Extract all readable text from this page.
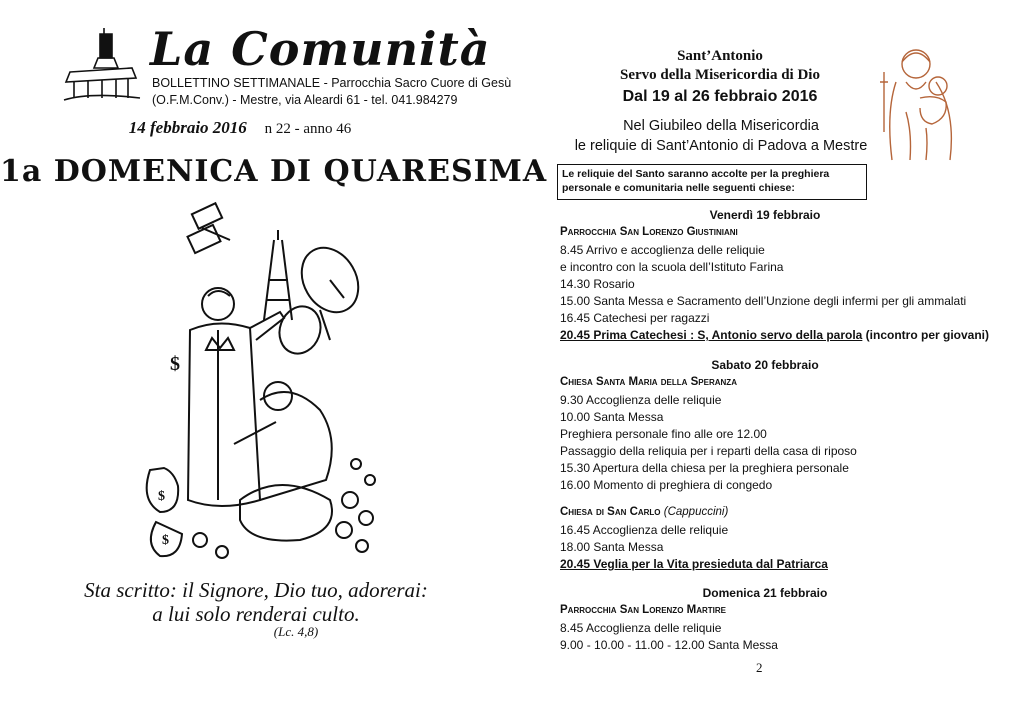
La Comunità
BOLLETTINO SETTIMANALE - Parrocchia Sacro Cuore di Gesù
(O.F.M.Conv.) - Mestre, via Aleardi 61 - tel. 041.984279
14 febbraio 2016 n 22 - anno 46
1a DOMENICA DI QUARESIMA
$
$
$
Sta scritto: il Signore, Dio tuo, adorerai:
a lui solo renderai culto.
(Lc. 4,8)
Sant’Antonio
Servo della Misericordia di Dio
Dal 19 al 26 febbraio 2016
Nel Giubileo della Misericordia
le reliquie di Sant’Antonio di Padova a Mestre
Le reliquie del Santo saranno accolte per la preghiera personale e comunitaria nelle seguenti chiese:
Venerdì 19 febbraio
Parrocchia San Lorenzo Giustiniani
8.45 Arrivo e accoglienza delle reliquie
e incontro con la scuola dell’Istituto Farina
14.30 Rosario
15.00 Santa Messa e Sacramento dell’Unzione degli infermi per gli ammalati
16.45 Catechesi per ragazzi
20.45 Prima Catechesi : S, Antonio servo della parola (incontro per giovani)
Sabato 20 febbraio
Chiesa Santa Maria della Speranza
9.30 Accoglienza delle reliquie
10.00 Santa Messa
Preghiera personale fino alle ore 12.00
Passaggio della reliquia per i reparti della casa di riposo
15.30 Apertura della chiesa per la preghiera personale
16.00 Momento di preghiera di congedo
Chiesa di San Carlo (Cappuccini)
16.45 Accoglienza delle reliquie
18.00 Santa Messa
20.45 Veglia per la Vita presieduta dal Patriarca
Domenica 21 febbraio
Parrocchia San Lorenzo Martire
8.45 Accoglienza delle reliquie
9.00 - 10.00 - 11.00 - 12.00 Santa Messa
2
